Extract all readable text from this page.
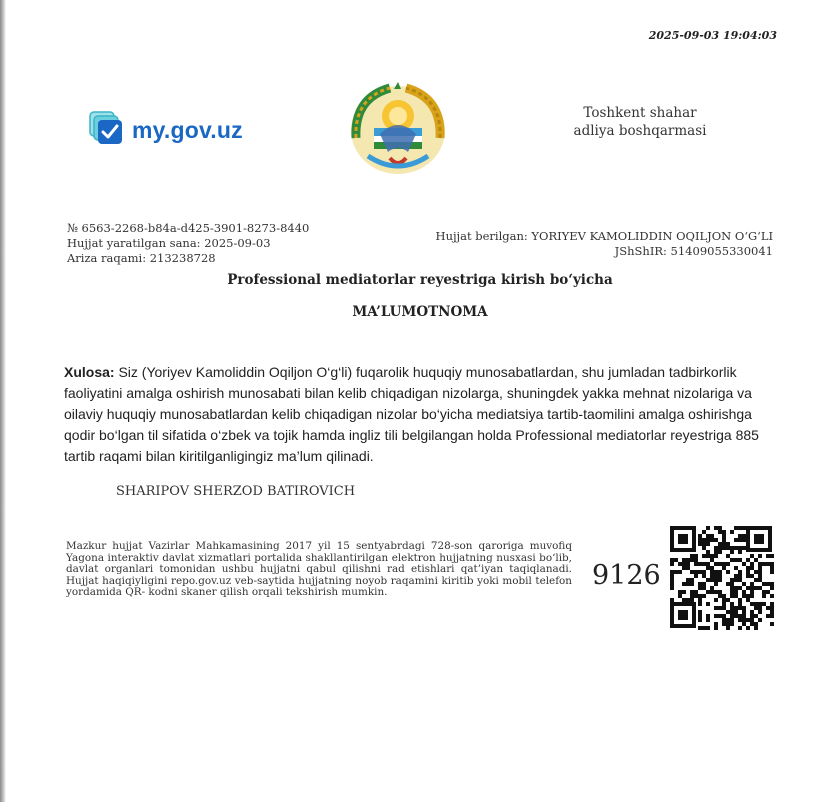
2025-09-03 19:04:03
my.gov.uz
Toshkent shahar
adliya boshqarmasi
№ 6563-2268-b84a-d425-3901-8273-8440
Hujjat yaratilgan sana: 2025-09-03
Ariza raqami: 213238728
Hujjat berilgan: YORIYEV KAMOLIDDIN OQILJON O‘G‘LI
JShShIR: 51409055330041
Professional mediatorlar reyestriga kirish bo‘yicha
MA’LUMOTNOMA
Xulosa: Siz (Yoriyev Kamoliddin Oqiljon O‘g‘li) fuqarolik huquqiy munosabatlardan, shu jumladan tadbirkorlik faoliyatini amalga oshirish munosabati bilan kelib chiqadigan nizolarga, shuningdek yakka mehnat nizolariga va oilaviy huquqiy munosabatlardan kelib chiqadigan nizolar bo‘yicha mediatsiya tartib-taomilini amalga oshirishga qodir bo‘lgan til sifatida o‘zbek va tojik hamda ingliz tili belgilangan holda Professional mediatorlar reyestriga 885 tartib raqami bilan kiritilganligingiz ma’lum qilinadi.
SHARIPOV SHERZOD BATIROVICH
Mazkur hujjat Vazirlar Mahkamasining 2017 yil 15 sentyabrdagi 728-son qaroriga muvofiq Yagona interaktiv davlat xizmatlari portalida shakllantirilgan elektron hujjatning nusxasi bo‘lib, davlat organlari tomonidan ushbu hujjatni qabul qilishni rad etishlari qat’iyan taqiqlanadi. Hujjat haqiqiyligini repo.gov.uz veb-saytida hujjatning noyob raqamini kiritib yoki mobil telefon yordamida QR- kodni skaner qilish orqali tekshirish mumkin.
9126
